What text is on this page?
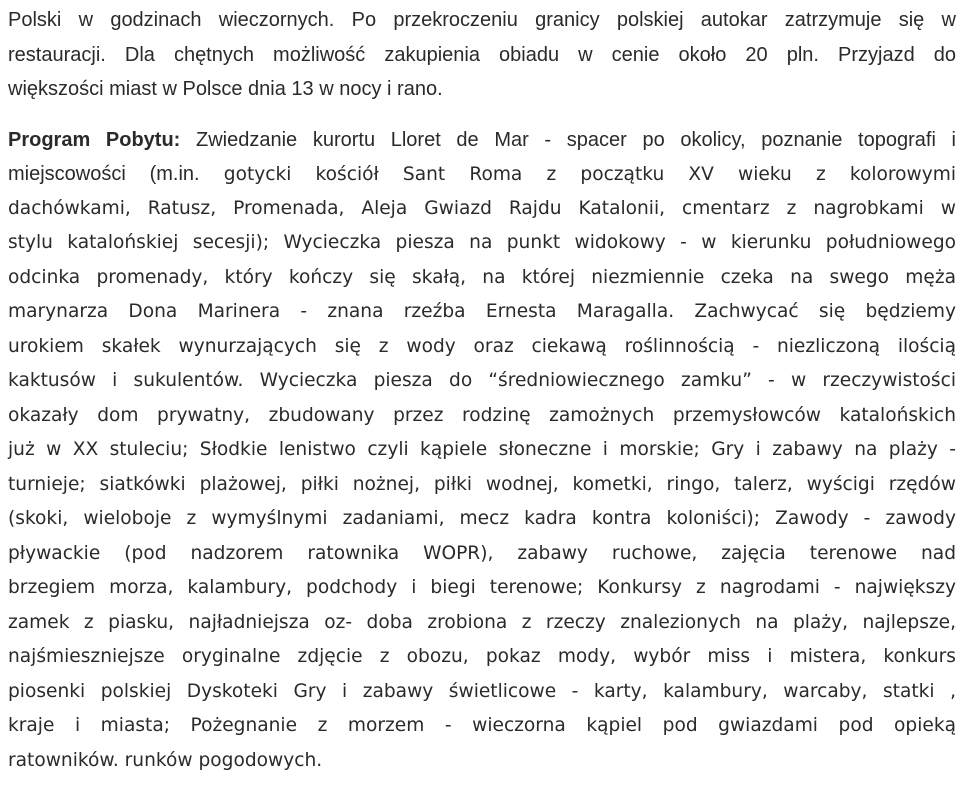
Polski w godzinach wieczornych. Po przekroczeniu granicy polskiej autokar zatrzymuje się w
restauracji. Dla chętnych możliwość zakupienia obiadu w cenie około 20 pln. Przyjazd do
większości miast w Polsce dnia 13 w nocy i rano.
Program Pobytu: Zwiedzanie kurortu Lloret de Mar - spacer po okolicy, poznanie topografi i
miejscowości (m.in. gotycki kościół Sant Roma z początku XV wieku z kolorowymi
dachówkami, Ratusz, Promenada, Aleja Gwiazd Rajdu Katalonii, cmentarz z nagrobkami w
stylu katalońskiej secesji); Wycieczka piesza na punkt widokowy - w kierunku południowego
odcinka promenady, który kończy się skałą, na której niezmiennie czeka na swego męża
marynarza Dona Marinera - znana rzeźba Ernesta Maragalla. Zachwycać się będziemy
urokiem skałek wynurzających się z wody oraz ciekawą roślinnością - niezliczoną ilością
kaktusów i sukulentów. Wycieczka piesza do “średniowiecznego zamku” - w rzeczywistości
okazały dom prywatny, zbudowany przez rodzinę zamożnych przemysłowców katalońskich
już w XX stuleciu; Słodkie lenistwo czyli kąpiele słoneczne i morskie; Gry i zabawy na plaży -
turnieje; siatkówki plażowej, piłki nożnej, piłki wodnej, kometki, ringo, talerz, wyścigi rzędów
(skoki, wieloboje z wymyślnymi zadaniami, mecz kadra kontra koloniści); Zawody - zawody
pływackie (pod nadzorem ratownika WOPR), zabawy ruchowe, zajęcia terenowe nad
brzegiem morza, kalambury, podchody i biegi terenowe; Konkursy z nagrodami - największy
zamek z piasku, najładniejsza oz- doba zrobiona z rzeczy znalezionych na plaży, najlepsze,
najśmieszniejsze oryginalne zdjęcie z obozu, pokaz mody, wybór miss i mistera, konkurs
piosenki polskiej Dyskoteki Gry i zabawy świetlicowe - karty, kalambury, warcaby, statki ,
kraje i miasta; Pożegnanie z morzem - wieczorna kąpiel pod gwiazdami pod opieką
ratowników. runków pogodowych.
